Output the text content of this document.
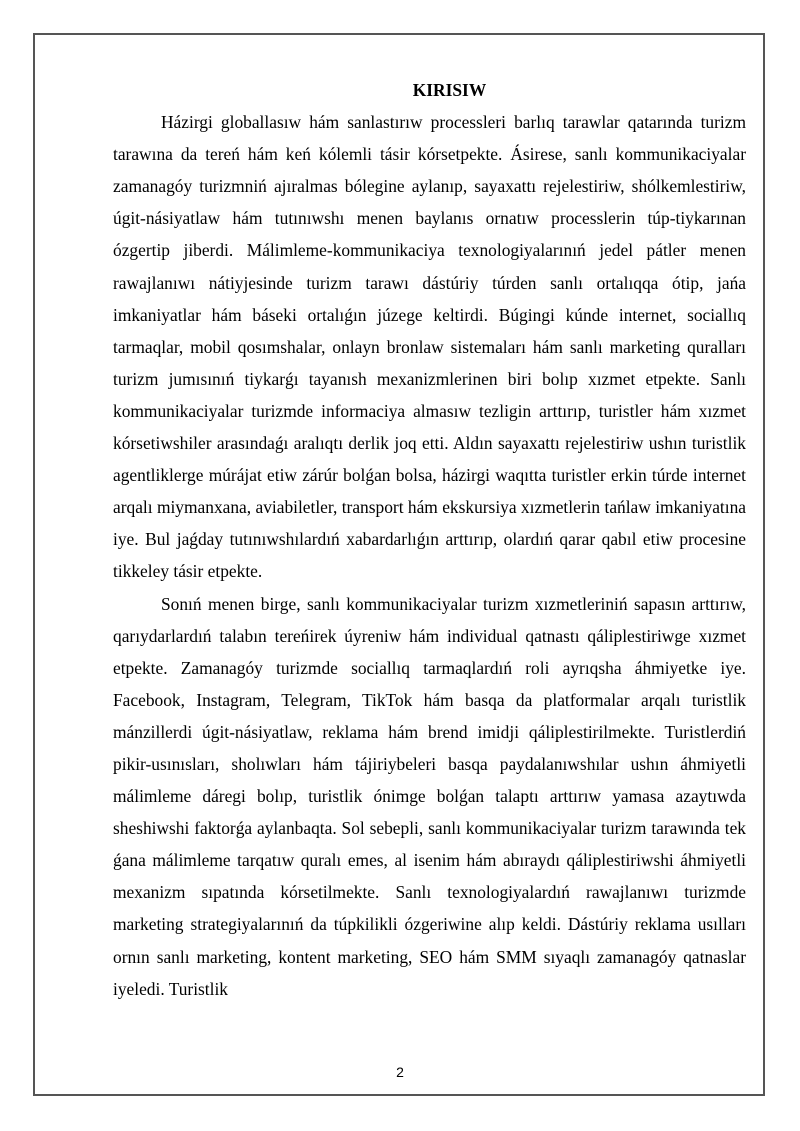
KIRISIW

Házirgi globallasıw hám sanlastırıw processleri barlıq tarawlar qatarında turizm tarawına da tereń hám keń kólemli tásir kórsetpekte. Ásirese, sanlı kommunikaciyalar zamanagóy turizmniń ajıralmas bólegine aylanıp, sayaxattı rejelestiriw, shólkemlestiriw, úgit-násiyatlaw hám tutınıwshı menen baylanıs ornatıw processlerin túp-tiykarınan ózgertip jiberdi. Málimleme-kommunikaciya texnologiyalarınıń jedel pátler menen rawajlanıwı nátiyjesinde turizm tarawı dástúriy túrden sanlı ortalıqqa ótip, jańa imkaniyatlar hám báseki ortalıǵın júzege keltirdi. Búgingi kúnde internet, sociallıq tarmaqlar, mobil qosımshalar, onlayn bronlaw sistemaları hám sanlı marketing quralları turizm jumısınıń tiykarǵı tayanısh mexanizmlerinen biri bolıp xızmet etpekte. Sanlı kommunikaciyalar turizmde informaciya almasıw tezligin arttırıp, turistler hám xızmet kórsetiwshiler arasındaǵı aralıqtı derlik joq etti. Aldın sayaxattı rejelestiriw ushın turistlik agentliklerge múrájat etiw zárúr bolǵan bolsa, házirgi waqıtta turistler erkin túrde internet arqalı miymanxana, aviabiletler, transport hám ekskursiya xızmetlerin tańlaw imkaniyatına iye. Bul jaǵday tutınıwshılardıń xabardarlıǵın arttırıp, olardıń qarar qabıl etiw procesine tikkeley tásir etpekte.

Sonıń menen birge, sanlı kommunikaciyalar turizm xızmetleriniń sapasın arttırıw, qarıydarlardıń talabın tereńirek úyreniw hám individual qatnastı qáliplestiriwge xızmet etpekte. Zamanagóy turizmde sociallıq tarmaqlardıń roli ayrıqsha áhmiyetke iye. Facebook, Instagram, Telegram, TikTok hám basqa da platformalar arqalı turistlik mánzillerdi úgit-násiyatlaw, reklama hám brend imidji qáliplestirilmekte. Turistlerdiń pikir-usınısları, sholıwları hám tájiriybeleri basqa paydalanıwshılar ushın áhmiyetli málimleme dáregi bolıp, turistlik ónimge bolǵan talaptı arttırıw yamasa azaytıwda sheshiwshi faktorǵa aylanbaqta. Sol sebepli, sanlı kommunikaciyalar turizm tarawında tek ǵana málimleme tarqatıw quralı emes, al isenim hám abıraydı qáliplestiriwshi áhmiyetli mexanizm sıpatında kórsetilmekte. Sanlı texnologiyalardıń rawajlanıwı turizmde marketing strategiyalarınıń da túpkilikli ózgeriwine alıp keldi. Dástúriy reklama usılları ornın sanlı marketing, kontent marketing, SEO hám SMM sıyaqlı zamanagóy qatnaslar iyeledi. Turistlik

2
